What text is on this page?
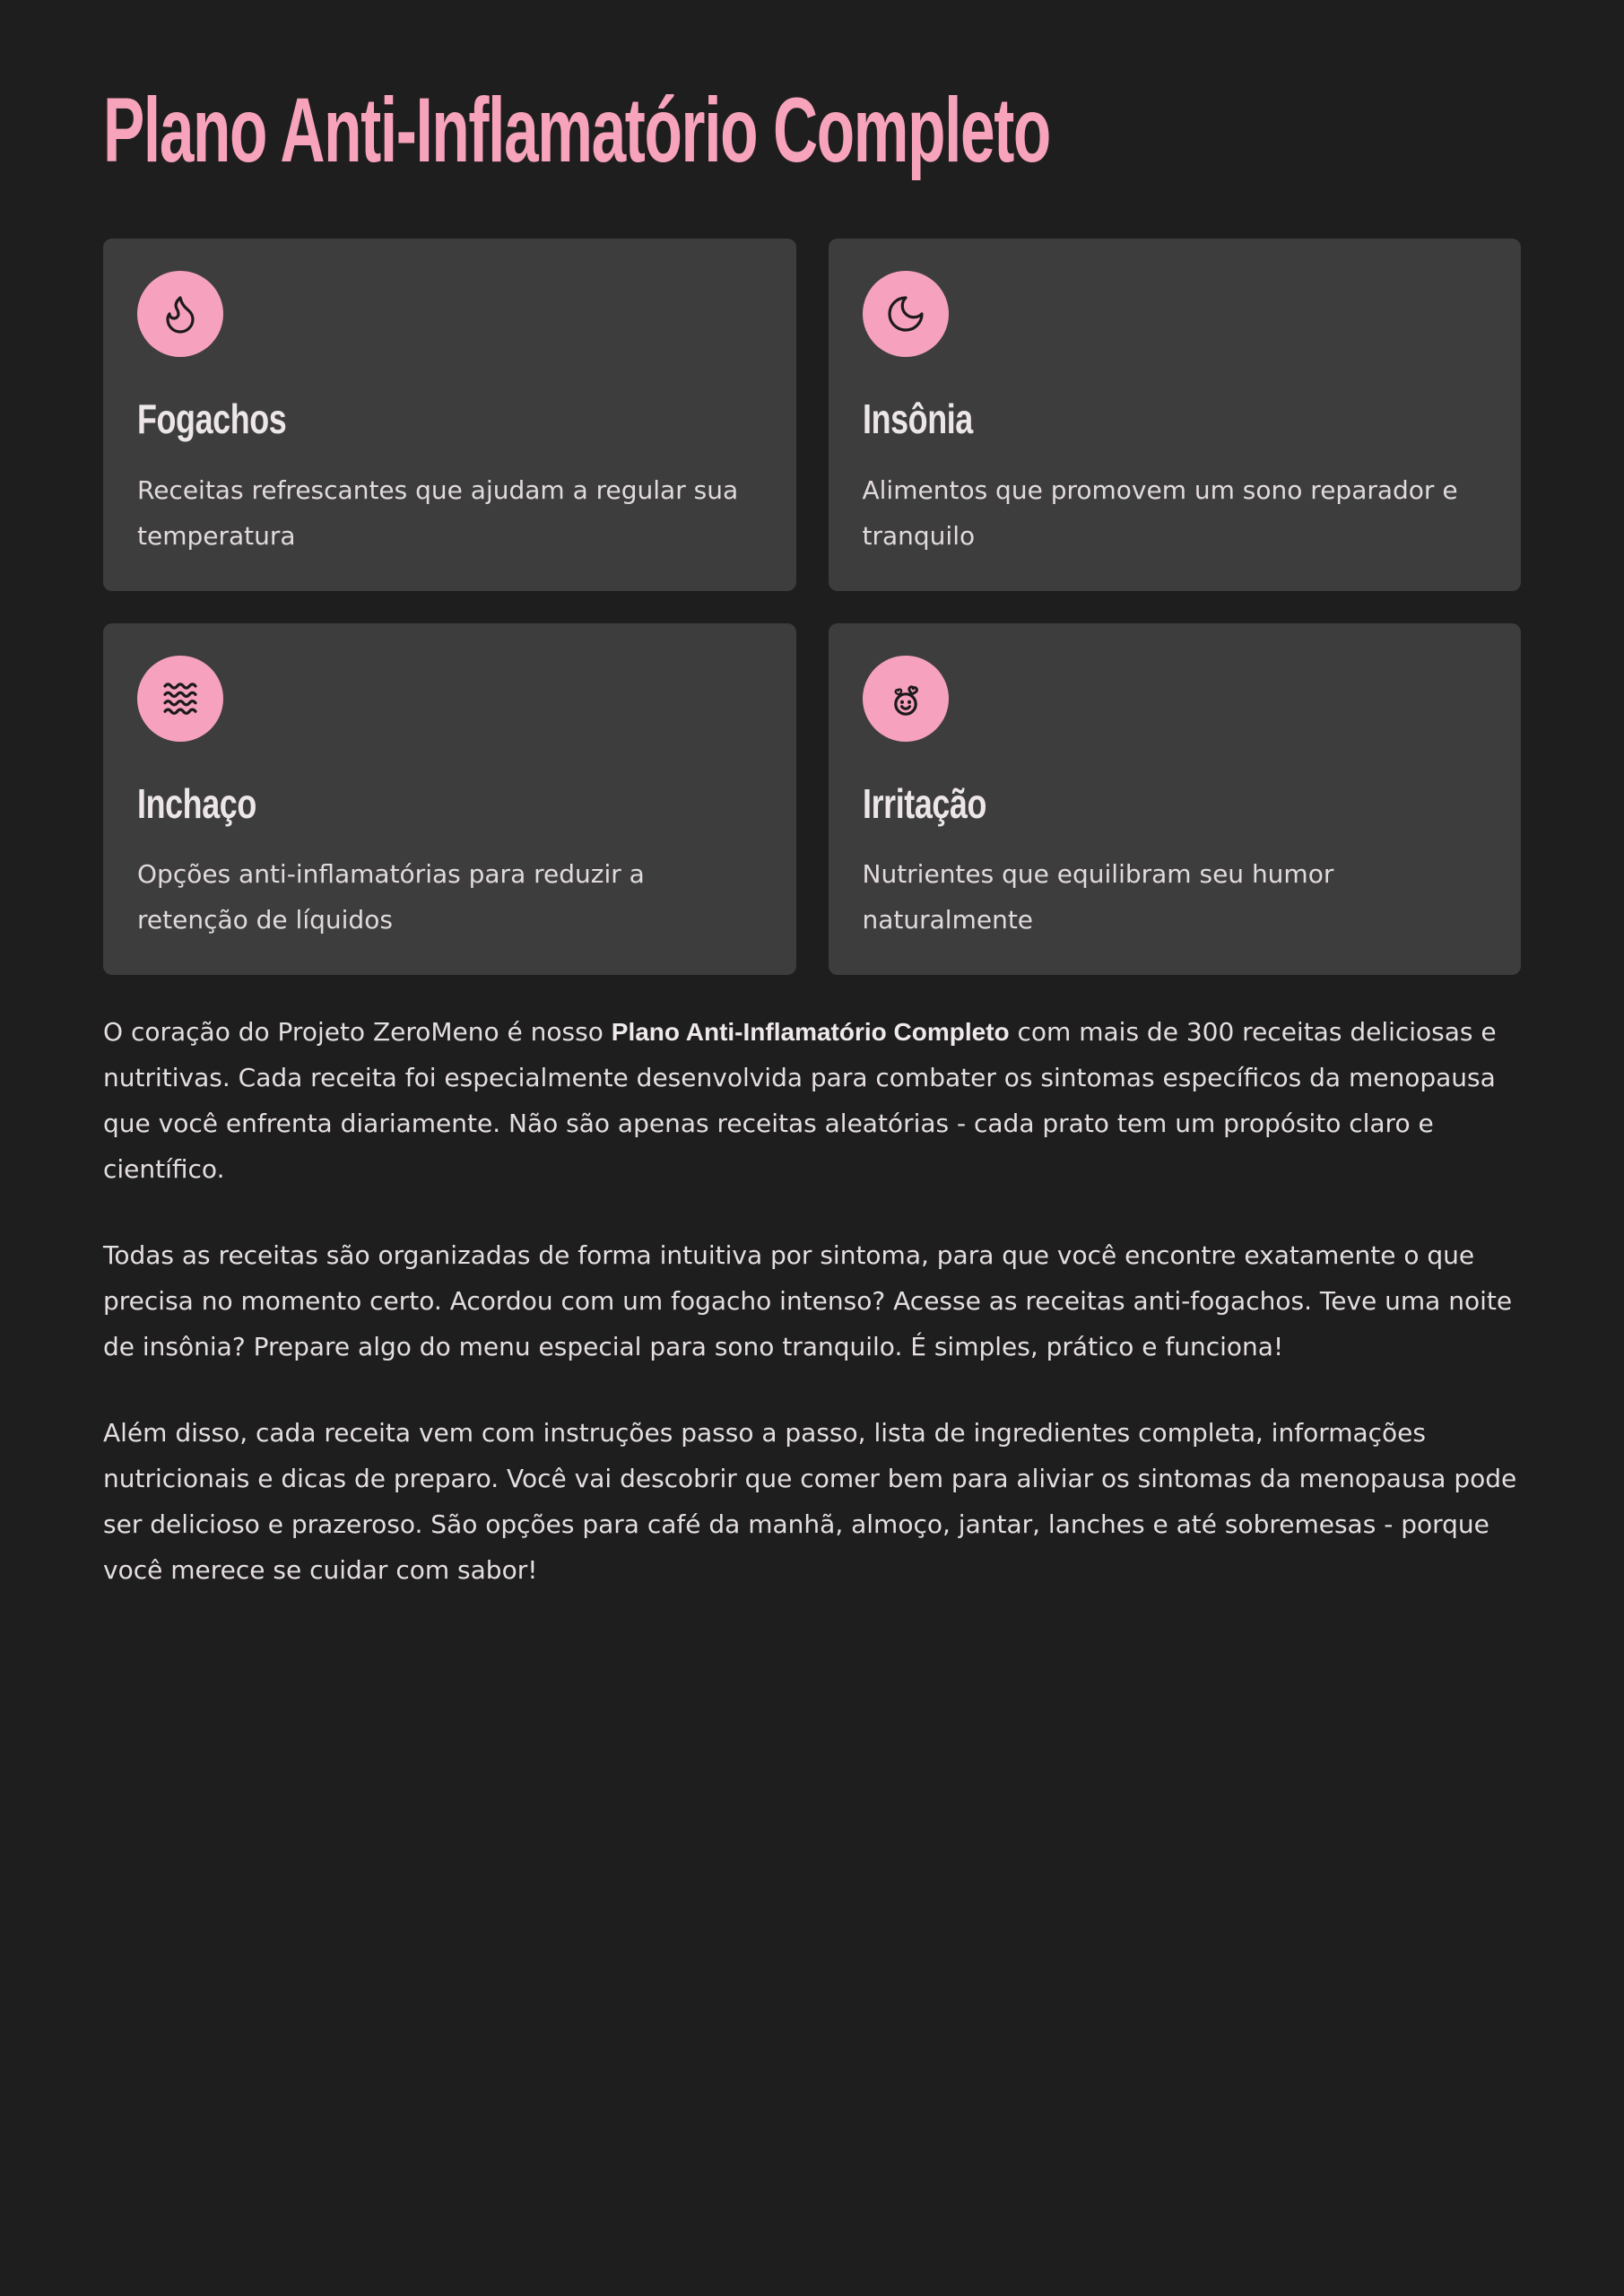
Plano Anti-Inflamatório Completo
Fogachos

Receitas refrescantes que ajudam a regular sua temperatura

Insônia

Alimentos que promovem um sono reparador e tranquilo

Inchaço

Opções anti-inflamatórias para reduzir a retenção de líquidos

Irritação

Nutrientes que equilibram seu humor naturalmente

O coração do Projeto ZeroMeno é nosso Plano Anti-Inflamatório Completo com mais de 300 receitas deliciosas e nutritivas. Cada receita foi especialmente desenvolvida para combater os sintomas específicos da menopausa que você enfrenta diariamente. Não são apenas receitas aleatórias - cada prato tem um propósito claro e científico.

Todas as receitas são organizadas de forma intuitiva por sintoma, para que você encontre exatamente o que precisa no momento certo. Acordou com um fogacho intenso? Acesse as receitas anti-fogachos. Teve uma noite de insônia? Prepare algo do menu especial para sono tranquilo. É simples, prático e funciona!

Além disso, cada receita vem com instruções passo a passo, lista de ingredientes completa, informações nutricionais e dicas de preparo. Você vai descobrir que comer bem para aliviar os sintomas da menopausa pode ser delicioso e prazeroso. São opções para café da manhã, almoço, jantar, lanches e até sobremesas - porque você merece se cuidar com sabor!
